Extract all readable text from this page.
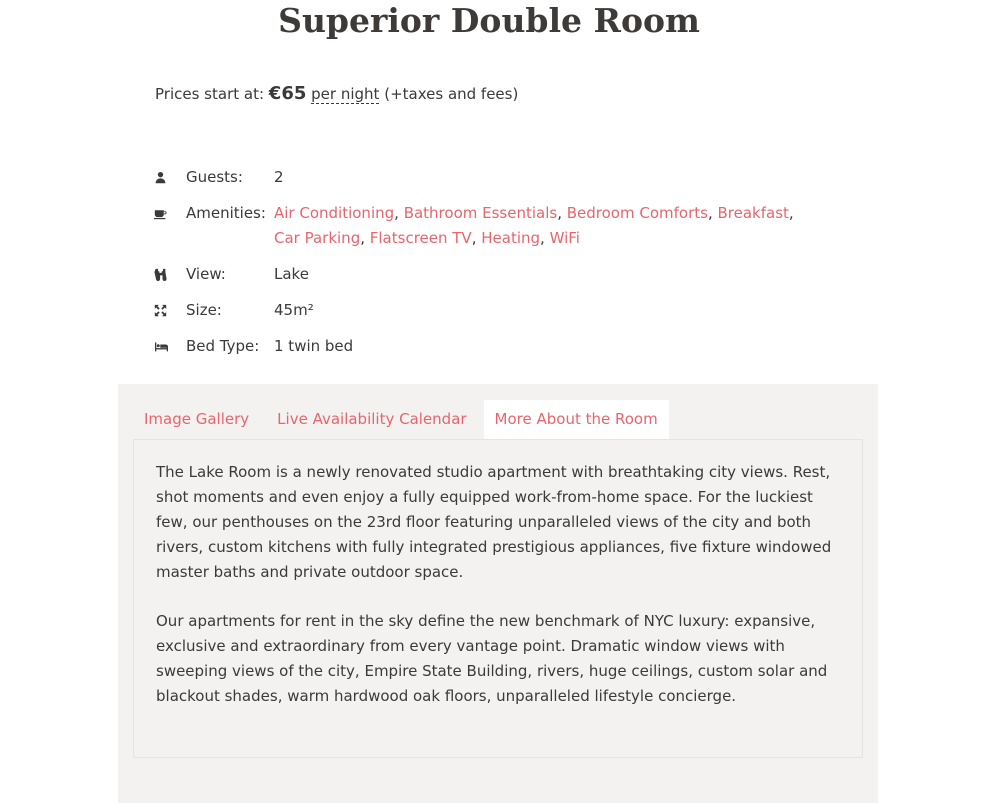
Superior Double Room
Prices start at: €65 per night (+taxes and fees)
Guests:	2
Amenities: Air Conditioning, Bathroom Essentials, Bedroom Comforts, Breakfast, Car Parking, Flatscreen TV, Heating, WiFi
View:	Lake
Size:	45m²
Bed Type: 1 twin bed
Image Gallery	Live Availability Calendar	More About the Room

The Lake Room is a newly renovated studio apartment with breathtaking city views. Rest, shot moments and even enjoy a fully equipped work-from-home space. For the luckiest few, our penthouses on the 23rd floor featuring unparalleled views of the city and both rivers, custom kitchens with fully integrated prestigious appliances, five fixture windowed master baths and private outdoor space.

Our apartments for rent in the sky define the new benchmark of NYC luxury: expansive, exclusive and extraordinary from every vantage point. Dramatic window views with sweeping views of the city, Empire State Building, rivers, huge ceilings, custom solar and blackout shades, warm hardwood oak floors, unparalleled lifestyle concierge.
